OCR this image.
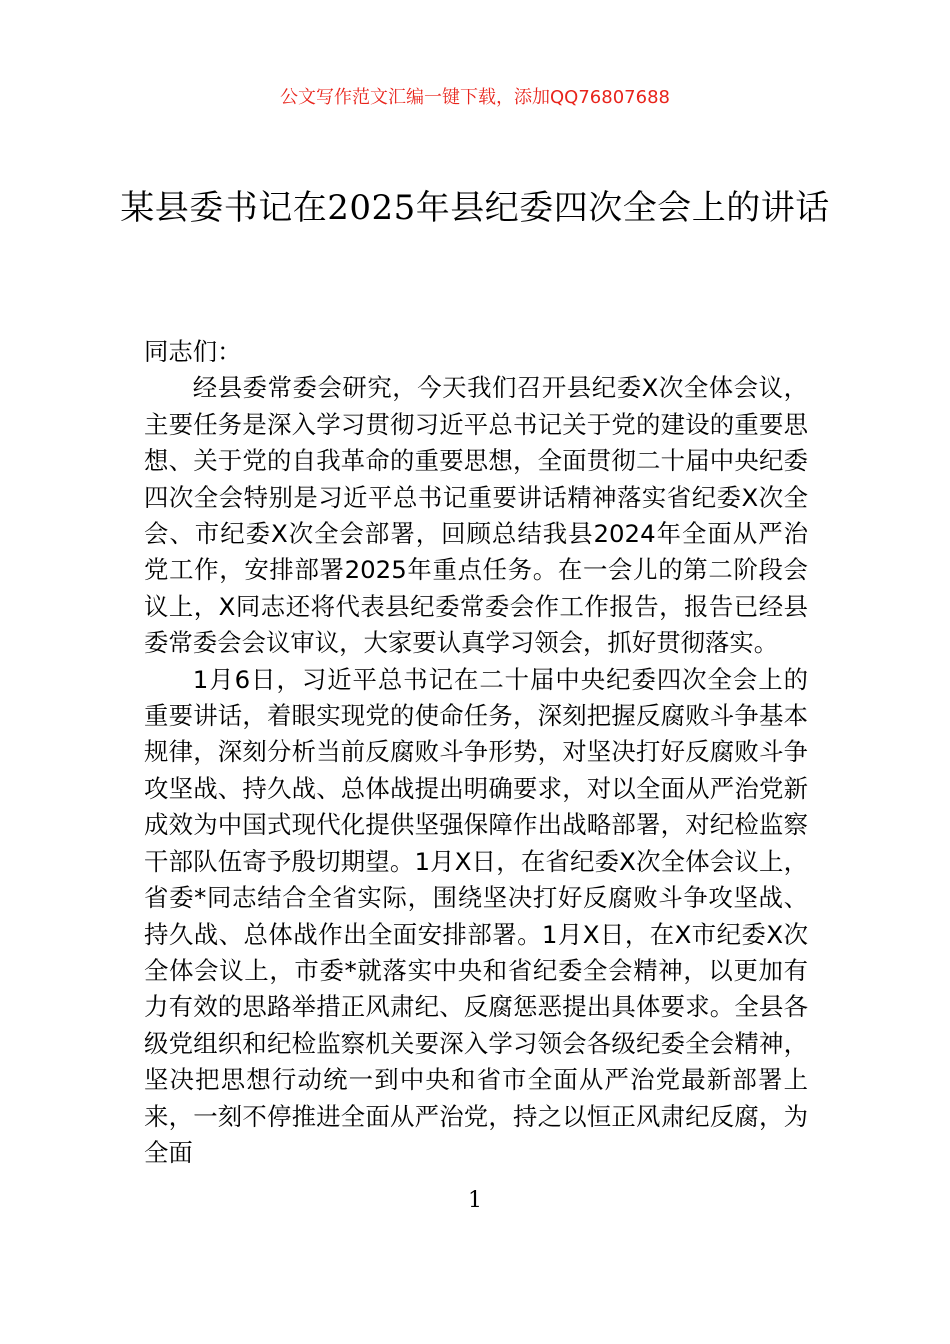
公文写作范文汇编一键下载，添加QQ76807688
某县委书记在2025年县纪委四次全会上的讲话

同志们：

经县委常委会研究，今天我们召开县纪委X次全体会议，主要任务是深入学习贯彻习近平总书记关于党的建设的重要思想、关于党的自我革命的重要思想，全面贯彻二十届中央纪委四次全会特别是习近平总书记重要讲话精神落实省纪委X次全会、市纪委X次全会部署，回顾总结我县2024年全面从严治党工作，安排部署2025年重点任务。在一会儿的第二阶段会议上，X同志还将代表县纪委常委会作工作报告，报告已经县委常委会会议审议，大家要认真学习领会，抓好贯彻落实。

1月6日，习近平总书记在二十届中央纪委四次全会上的重要讲话，着眼实现党的使命任务，深刻把握反腐败斗争基本规律，深刻分析当前反腐败斗争形势，对坚决打好反腐败斗争攻坚战、持久战、总体战提出明确要求，对以全面从严治党新成效为中国式现代化提供坚强保障作出战略部署，对纪检监察干部队伍寄予殷切期望。1月X日，在省纪委X次全体会议上，省委*同志结合全省实际，围绕坚决打好反腐败斗争攻坚战、持久战、总体战作出全面安排部署。1月X日，在X市纪委X次全体会议上，市委*就落实中央和省纪委全会精神，以更加有力有效的思路举措正风肃纪、反腐惩恶提出具体要求。全县各级党组织和纪检监察机关要深入学习领会各级纪委全会精神，坚决把思想行动统一到中央和省市全面从严治党最新部署上来，一刻不停推进全面从严治党，持之以恒正风肃纪反腐，为全面

1
